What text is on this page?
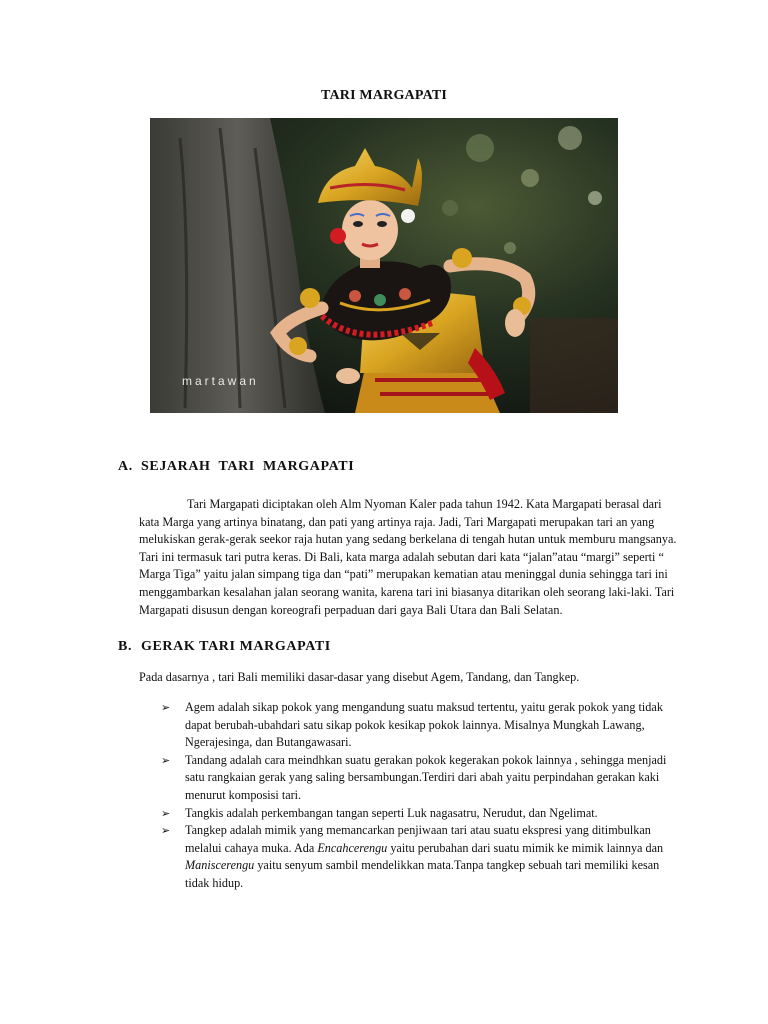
TARI MARGAPATI
martawan
A. SEJARAH  TARI  MARGAPATI
Tari Margapati diciptakan oleh Alm Nyoman Kaler pada tahun 1942. Kata Margapati berasal dari kata Marga yang artinya binatang, dan pati yang artinya raja. Jadi, Tari Margapati merupakan tari an yang melukiskan gerak-gerak seekor raja hutan yang sedang berkelana di tengah hutan untuk memburu mangsanya. Tari ini termasuk tari putra keras. Di Bali, kata marga adalah sebutan dari kata “jalan”atau “margi” seperti “ Marga Tiga” yaitu jalan simpang tiga dan “pati” merupakan kematian atau meninggal dunia sehingga tari ini menggambarkan kesalahan jalan seorang wanita, karena tari ini biasanya ditarikan oleh seorang laki-laki. Tari Margapati disusun dengan koreografi perpaduan dari gaya Bali Utara dan Bali Selatan.
B. GERAK TARI MARGAPATI
Pada dasarnya , tari Bali memiliki dasar-dasar yang disebut Agem, Tandang, dan Tangkep.
➢ Agem adalah sikap pokok yang mengandung suatu maksud tertentu, yaitu gerak pokok yang tidak dapat berubah-ubahdari satu sikap pokok kesikap pokok lainnya. Misalnya Mungkah Lawang, Ngerajesinga, dan Butangawasari.
➢ Tandang adalah cara meindhkan suatu gerakan pokok kegerakan pokok lainnya , sehingga menjadi satu rangkaian gerak yang saling bersambungan.Terdiri dari abah yaitu perpindahan gerakan kaki menurut komposisi tari.
➢ Tangkis adalah perkembangan tangan seperti Luk nagasatru, Nerudut, dan Ngelimat.
➢ Tangkep adalah mimik yang memancarkan penjiwaan tari atau suatu ekspresi yang ditimbulkan melalui cahaya muka. Ada Encahcerengu yaitu perubahan dari suatu mimik ke mimik lainnya dan Maniscerengu yaitu senyum sambil mendelikkan mata.Tanpa tangkep sebuah tari memiliki kesan tidak hidup.
